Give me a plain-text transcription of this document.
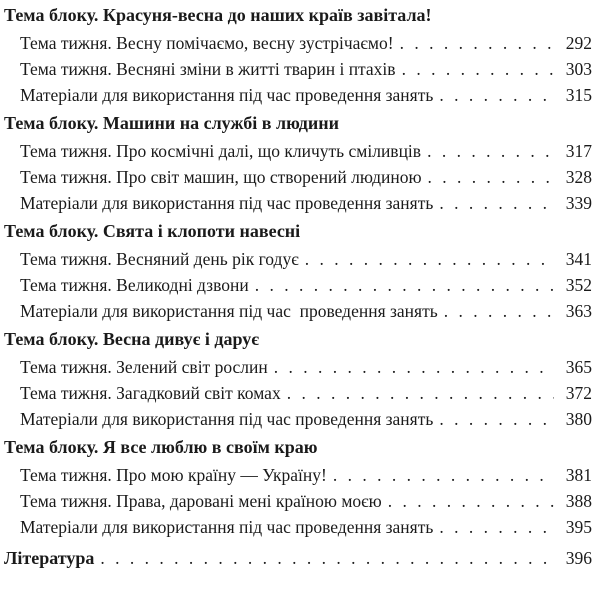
Тема блоку. Красуня-весна до наших країв завітала!
Тема тижня. Весну помічаємо, весну зустрічаємо! . . .	292
Тема тижня. Весняні зміни в житті тварин і птахів . . .	303
Матеріали для використання під час проведення занять . . .	315
Тема блоку. Машини на службі в людини
Тема тижня. Про космічні далі, що кличуть сміливців . . .	317
Тема тижня. Про світ машин, що створений людиною . . .	328
Матеріали для використання під час проведення занять . . .	339
Тема блоку. Свята і клопоти навесні
Тема тижня. Весняний день рік годує . . .	341
Тема тижня. Великодні дзвони . . .	352
Матеріали для використання під час  проведення занять . . .	363
Тема блоку. Весна дивує і дарує
Тема тижня. Зелений світ рослин . . .	365
Тема тижня. Загадковий світ комах . . .	372
Матеріали для використання під час проведення занять . . .	380
Тема блоку. Я все люблю в своїм краю
Тема тижня. Про мою країну — Україну! . . .	381
Тема тижня. Права, даровані мені країною моєю . . .	388
Матеріали для використання під час проведення занять . . .	395
Література . . .	396
